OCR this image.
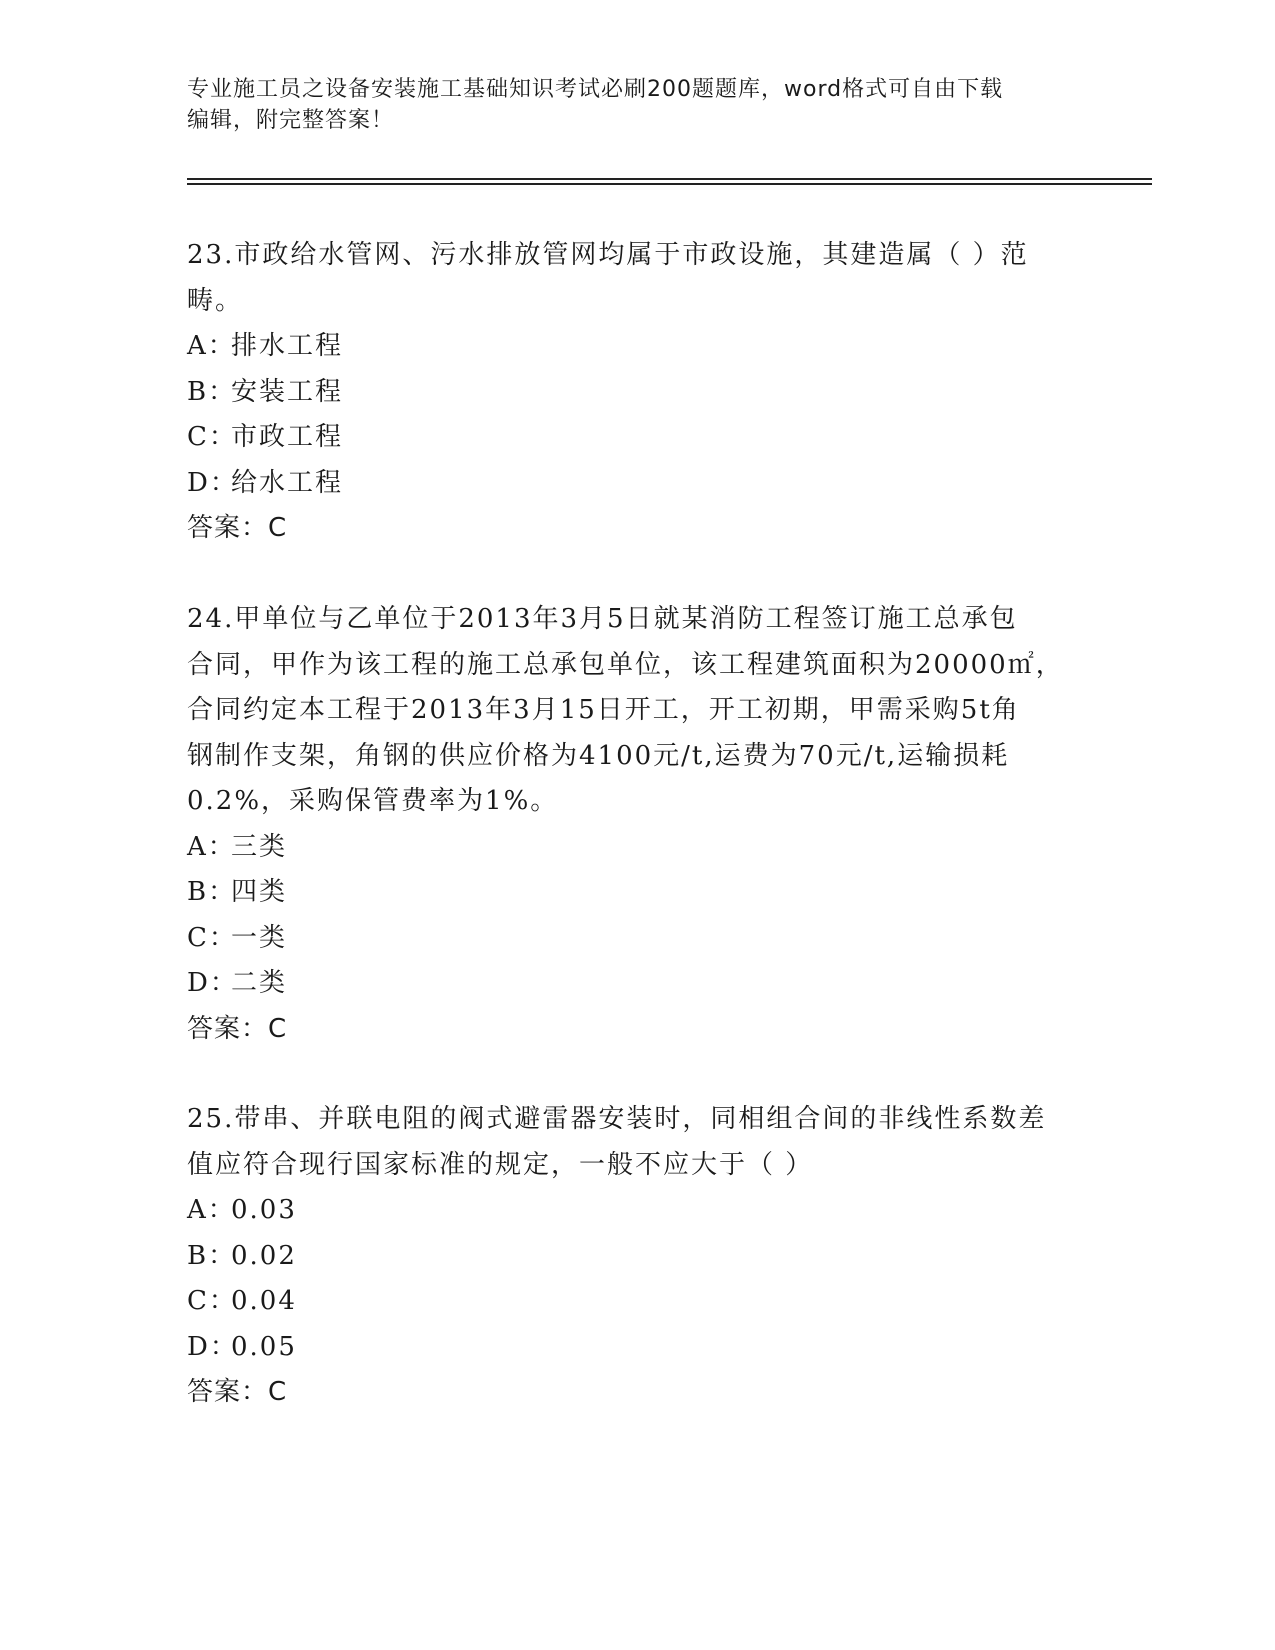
专业施工员之设备安装施工基础知识考试必刷200题题库，word格式可自由下载
编辑，附完整答案！
23.市政给水管网、污水排放管网均属于市政设施，其建造属（ ）范
畴。
A：
排水工程
B：
安装工程
C：
市政工程
D：
给水工程
答案：C
24.甲单位与乙单位于2013年3月5日就某消防工程签订施工总承包
合同，甲作为该工程的施工总承包单位，该工程建筑面积为20000㎡，
合同约定本工程于2013年3月15日开工，开工初期，甲需采购5t角
钢制作支架，角钢的供应价格为4100元/t,运费为70元/t,运输损耗
0.2%，采购保管费率为1%。
A：
三类
B：
四类
C：
一类
D：
二类
答案：C
25.带串、并联电阻的阀式避雷器安装时，同相组合间的非线性系数差
值应符合现行国家标准的规定，一般不应大于（ ）
A：
0.03
B：
0.02
C：
0.04
D：
0.05
答案：C
